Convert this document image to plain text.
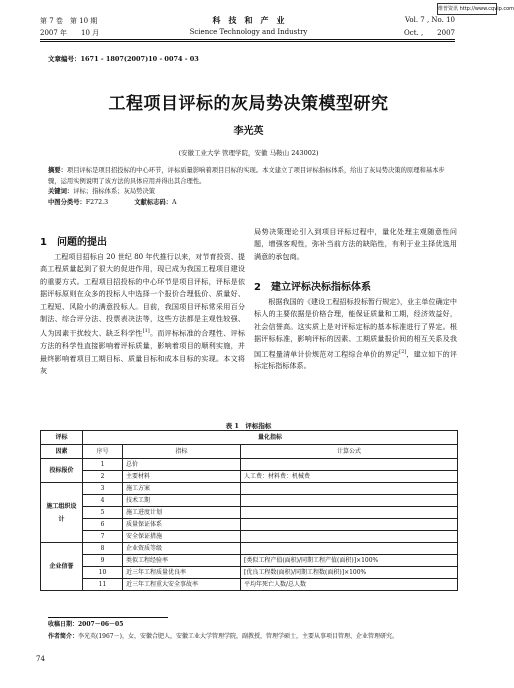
维普资讯 http://www.cqvip.com
第 7 卷　第 10 期
2007 年　　10 月
科　技　和　产　业
Science Technology and Industry
Vol. 7 , No. 10
Oct. ,　　2007
文章编号：1671 - 1807(2007)10 - 0074 - 03
工程项目评标的灰局势决策模型研究
李光英
(安徽工业大学 管理学院，安徽 马鞍山 243002)
摘要：项目评标是项目招投标的中心环节，评标质量影响着项目目标的实现。本文建立了项目评标指标体系，给出了灰局势决策的原理和基本步骤，运用实例说明了该方法的具体应用并得出其合理性。
关键词：评标；指标体系；灰局势决策
中图分类号：F272.3	文献标志码：A
1　问题的提出

工程项目招标自 20 世纪 80 年代推行以来，对节育投资、提高工程质量起到了很大的促进作用，现已成为我国工程项目建设的重要方式。工程项目招投标的中心环节是项目评标，评标是依据评标原则在众多的投标人中选择一个报价合理低价、质量好、工程短、风险小的满意投标人。目前，我国项目评标常采用百分制法、综合评分法、投票表决法等，这些方法都是主观性较强、人为因素干扰较大、缺乏科学性[1]。而评标标准的合理性、评标方法的科学性直接影响着评标质量，影响着项目的顺利实施，并最终影响着项目工期目标、质量目标和成本目标的实现。本文将灰

局势决策理论引入到项目评标过程中，量化处理主观随意性问题，增强客观性，弥补当前方法的缺陷性，有利于业主择优选用满意的承包商。

2　建立评标决标指标体系

根据我国的《建设工程招标投标暂行规定》，业主单位确定中标人的主要依据是价格合理，能保证质量和工期，经济效益好，社会信誉高。这实质上是对评标定标的基本标准进行了界定。根据评标标准，影响评标的因素、工期质量报价间的相互关系及我国工程量清单计价规范对工程综合单价的界定[2]，建立如下的评标定标指标体系。

表 1　评标指标
评标	量化指标		
因素	序号	指标	计算公式
投标报价	1	总价	
	2	主要材料	人工费：材料费：机械费
施工组织设计	3	施工方案	
	4	技术工期	
	5	施工进度计划	
	6	质量保证体系	
	7	安全保证措施	
企业信誉	8	企业资质等级	
	9	类似工程经验率	[类似工程产值(面积)/同期工程产值(面积)]×100%
	10	近三年工程质量优良率	[优良工程数(面积)/同期工程数(面积)]×100%
	11	近三年工程重大安全事故率	平均年死亡人数/总人数
收稿日期：2007－06－05
作者简介：李光英(1967－)，女，安徽合肥人，安徽工业大学管理学院，副教授，管理学硕士，主要从事项目管理、企业管理研究。
74
